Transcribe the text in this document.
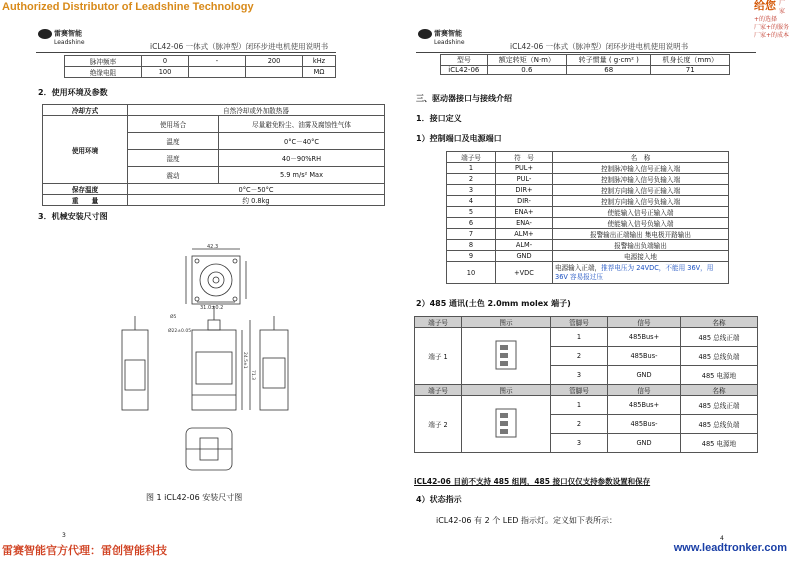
Authorized Distributor of Leadshine Technology	给您 厂家+的选择
厂家+的服务
厂家+的成本
雷赛智能
Leadshine	iCL42-06 一体式（脉冲型）闭环步进电机使用说明书
脉冲频率	0	-	200	kHz
绝缘电阻	100			MΩ
2．使用环境及参数
冷却方式	自然冷却或外加散热器	
使用环境	使用场合	尽量避免粉尘、油雾及腐蚀性气体
	温度	0°C－40°C
	湿度	40－90%RH
	震动	5.9 m/s² Max
保存温度	0°C－50°C	
重　　量	约 0.8kg	
3．机械安装尺寸图
42.3
31.0±0.2
Ø5
Ø22±0.05
24.5±1
71.3
图 1 iCL42-06 安装尺寸图
3
雷赛智能
Leadshine	iCL42-06 一体式（脉冲型）闭环步进电机使用说明书
型号	额定转矩（N·m）	转子惯量 ( g·cm² )	机身长度（mm）
iCL42-06	0.6	68	71
三、驱动器接口与接线介绍
1．接口定义
1）控制端口及电源端口
端子号	符　号	名　称
1	PUL+	控制脉冲输入信号正输入端
2	PUL-	控制脉冲输入信号负输入端
3	DIR+	控制方向输入信号正输入端
4	DIR-	控制方向输入信号负输入端
5	ENA+	使能输入信号正输入端
6	ENA-	使能输入信号负输入端
7	ALM+	报警输出正端输出 集电极开路输出
8	ALM-	报警输出负端输出
9	GND	电源接入地
10	+VDC	电源输入正端，推荐电压为 24VDC，不能用 36V，用 36V 容易报过压
2）485 通讯(土色 2.0mm molex 端子)
端子号	图示	管脚号	信号	名称
端子 1		1	485Bus+	485 总线正端
		2	485Bus-	485 总线负端
		3	GND	485 电源地
端子号	图示	管脚号	信号	名称
端子 2		1	485Bus+	485 总线正端
		2	485Bus-	485 总线负端
		3	GND	485 电源地
iCL42-06 目前不支持 485 组网，485 接口仅仅支持参数设置和保存
4）状态指示
iCL42-06 有 2 个 LED 指示灯。定义如下表所示：
4
雷赛智能官方代理：雷创智能科技	www.leadtronker.com
